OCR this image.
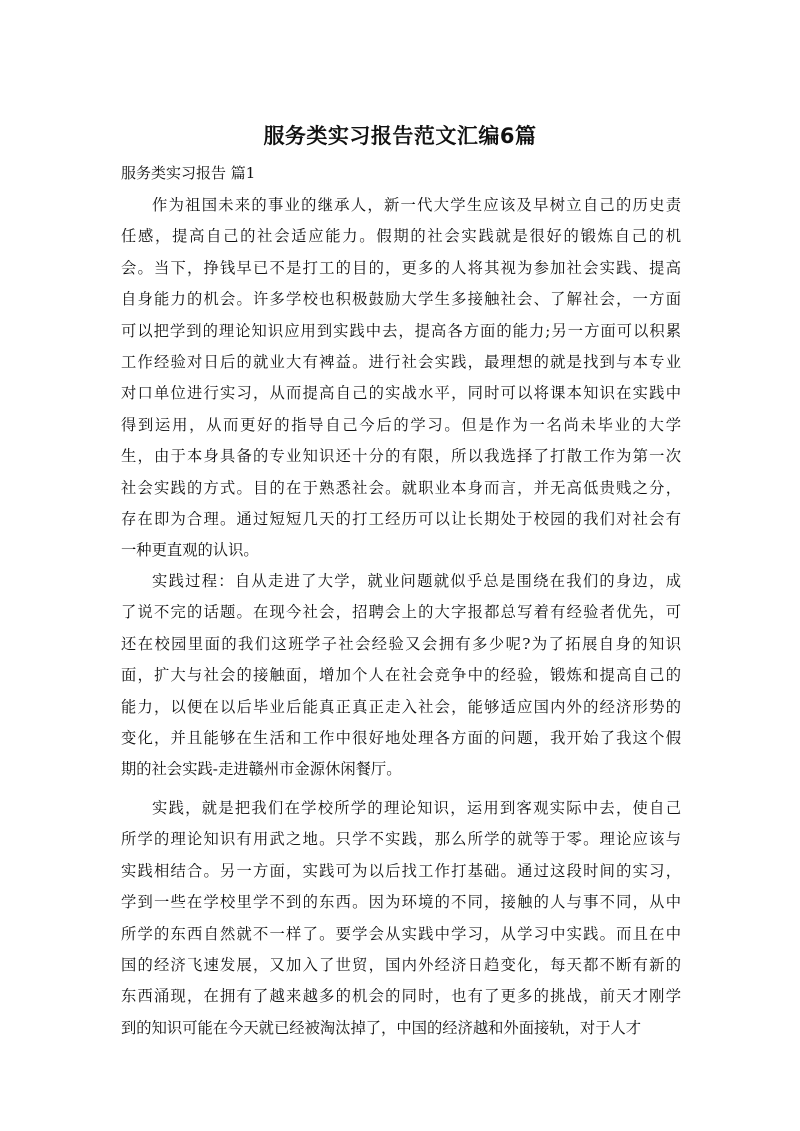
服务类实习报告范文汇编6篇

服务类实习报告 篇1

作为祖国未来的事业的继承人，新一代大学生应该及早树立自己的历史责

任感，提高自己的社会适应能力。假期的社会实践就是很好的锻炼自己的机

会。当下，挣钱早已不是打工的目的，更多的人将其视为参加社会实践、提高

自身能力的机会。许多学校也积极鼓励大学生多接触社会、了解社会，一方面

可以把学到的理论知识应用到实践中去，提高各方面的能力;另一方面可以积累

工作经验对日后的就业大有裨益。进行社会实践，最理想的就是找到与本专业

对口单位进行实习，从而提高自己的实战水平，同时可以将课本知识在实践中

得到运用，从而更好的指导自己今后的学习。但是作为一名尚未毕业的大学

生，由于本身具备的专业知识还十分的有限，所以我选择了打散工作为第一次

社会实践的方式。目的在于熟悉社会。就职业本身而言，并无高低贵贱之分，

存在即为合理。通过短短几天的打工经历可以让长期处于校园的我们对社会有

一种更直观的认识。

实践过程：自从走进了大学，就业问题就似乎总是围绕在我们的身边，成

了说不完的话题。在现今社会，招聘会上的大字报都总写着有经验者优先，可

还在校园里面的我们这班学子社会经验又会拥有多少呢?为了拓展自身的知识

面，扩大与社会的接触面，增加个人在社会竞争中的经验，锻炼和提高自己的

能力，以便在以后毕业后能真正真正走入社会，能够适应国内外的经济形势的

变化，并且能够在生活和工作中很好地处理各方面的问题，我开始了我这个假

期的社会实践-走进赣州市金源休闲餐厅。

实践，就是把我们在学校所学的理论知识，运用到客观实际中去，使自己

所学的理论知识有用武之地。只学不实践，那么所学的就等于零。理论应该与

实践相结合。另一方面，实践可为以后找工作打基础。通过这段时间的实习，

学到一些在学校里学不到的东西。因为环境的不同，接触的人与事不同，从中

所学的东西自然就不一样了。要学会从实践中学习，从学习中实践。而且在中

国的经济飞速发展，又加入了世贸，国内外经济日趋变化，每天都不断有新的

东西涌现，在拥有了越来越多的机会的同时，也有了更多的挑战，前天才刚学

到的知识可能在今天就已经被淘汰掉了，中国的经济越和外面接轨，对于人才
